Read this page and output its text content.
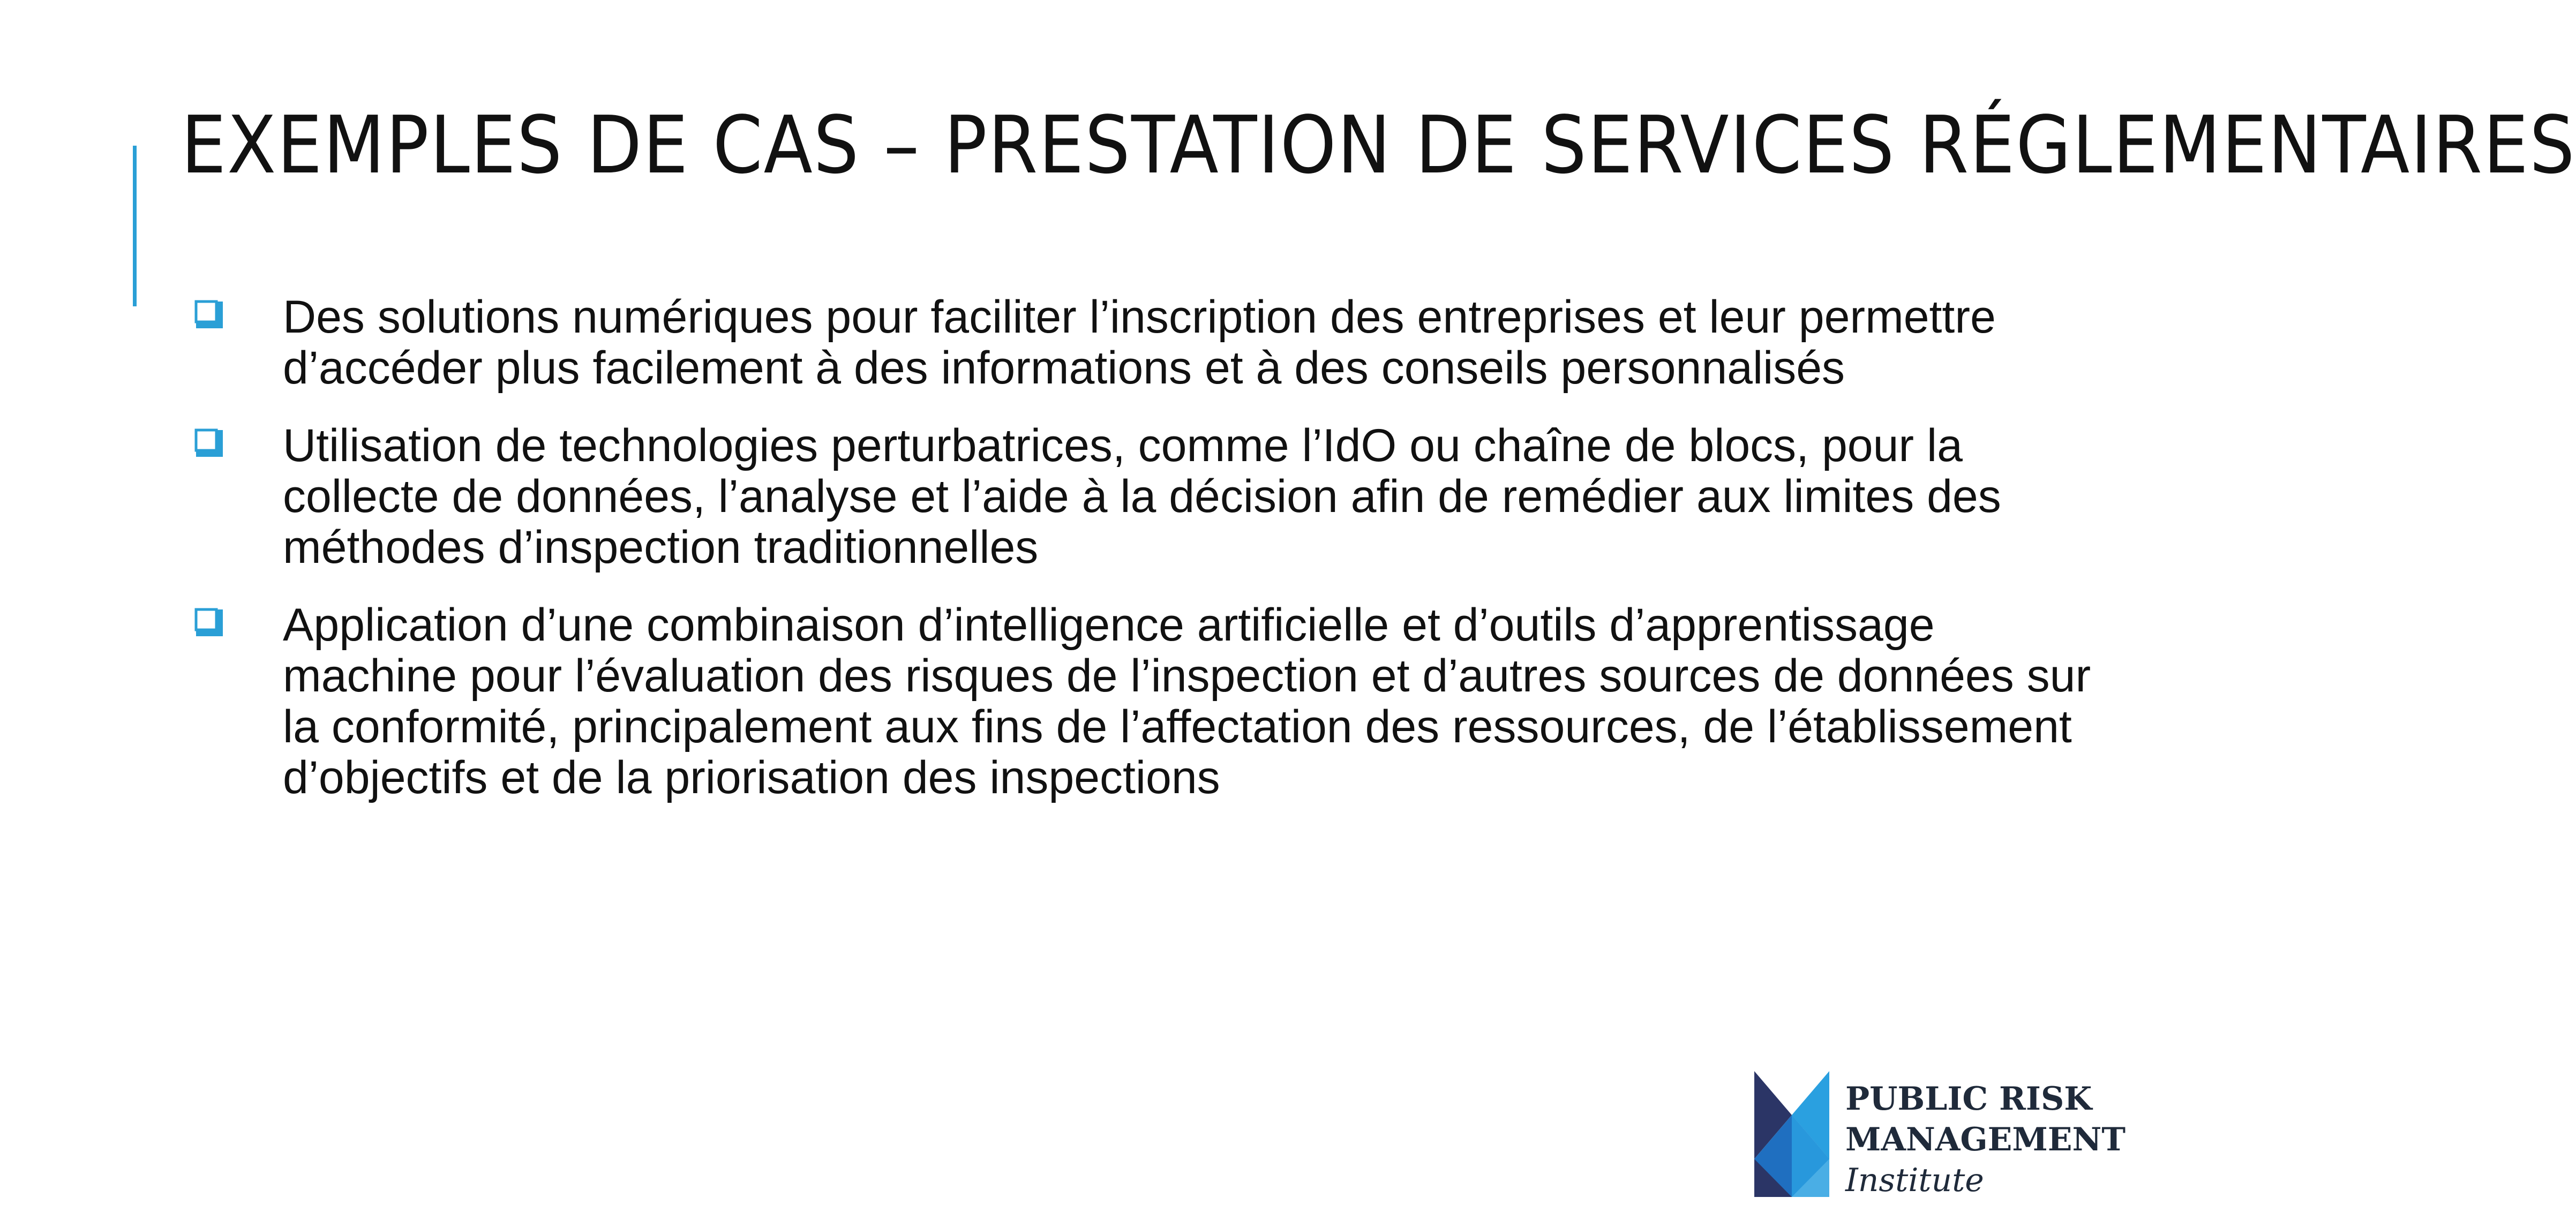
EXEMPLES DE CAS – PRESTATION DE SERVICES RÉGLEMENTAIRES
Des solutions numériques pour faciliter l’inscription des entreprises et leur permettre d’accéder plus facilement à des informations et à des conseils personnalisés
Utilisation de technologies perturbatrices, comme l’IdO ou chaîne de blocs, pour la collecte de données, l’analyse et l’aide à la décision afin de remédier aux limites des méthodes d’inspection traditionnelles
Application d’une combinaison d’intelligence artificielle et d’outils d’apprentissage machine pour l’évaluation des risques de l’inspection et d’autres sources de données sur la conformité, principalement aux fins de l’affectation des ressources, de l’établissement d’objectifs et de la priorisation des inspections
PUBLIC RISK
MANAGEMENT
Institute
